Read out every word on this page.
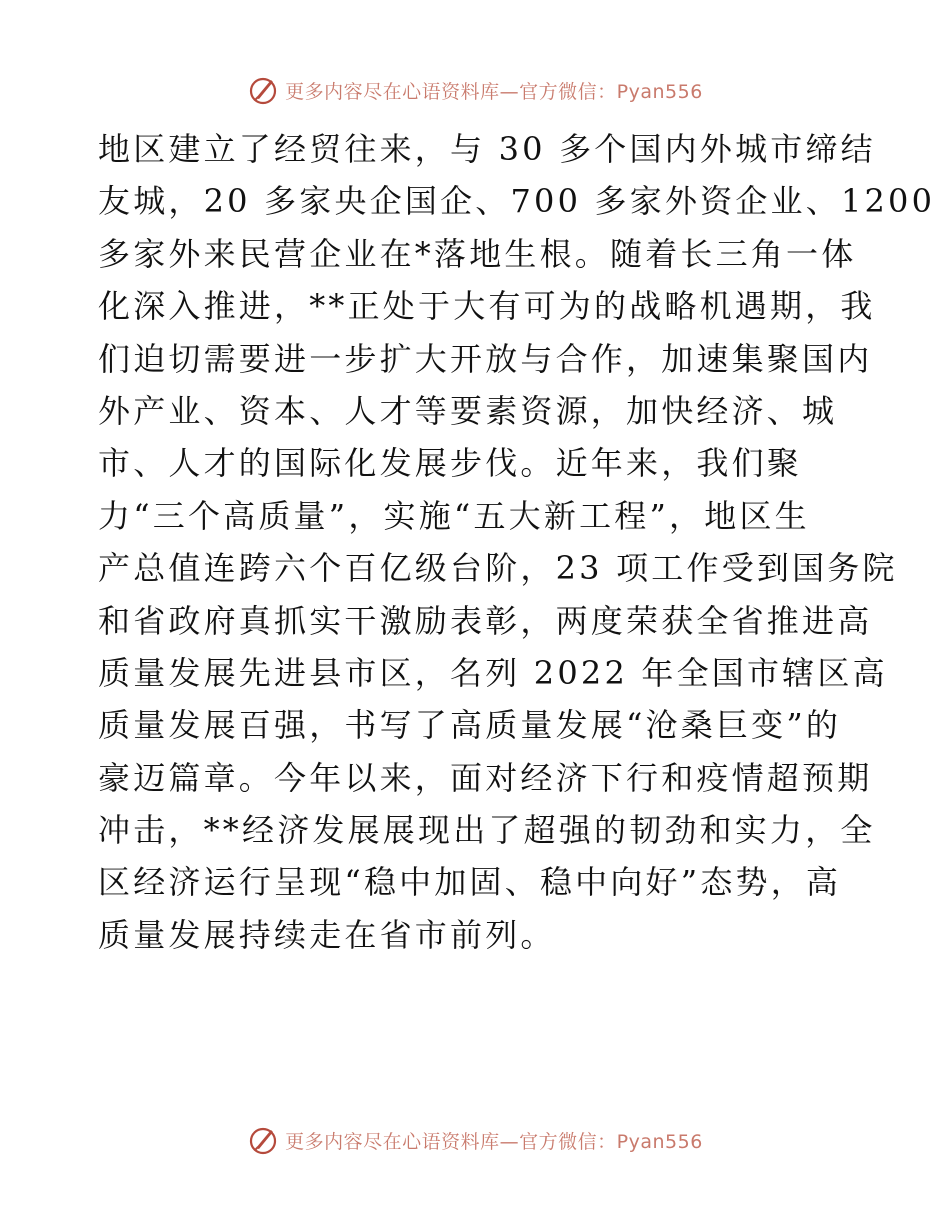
更多内容尽在心语资料库—官方微信：Pyan556
地区建立了经贸往来，与 30 多个国内外城市缔结
友城，20 多家央企国企、700 多家外资企业、1200
多家外来民营企业在*落地生根。随着长三角一体
化深入推进，**正处于大有可为的战略机遇期，我
们迫切需要进一步扩大开放与合作，加速集聚国内
外产业、资本、人才等要素资源，加快经济、城
市、人才的国际化发展步伐。近年来，我们聚
力“三个高质量”，实施“五大新工程”，地区生
产总值连跨六个百亿级台阶，23 项工作受到国务院
和省政府真抓实干激励表彰，两度荣获全省推进高
质量发展先进县市区，名列 2022 年全国市辖区高
质量发展百强，书写了高质量发展“沧桑巨变”的
豪迈篇章。今年以来，面对经济下行和疫情超预期
冲击，**经济发展展现出了超强的韧劲和实力，全
区经济运行呈现“稳中加固、稳中向好”态势，高
质量发展持续走在省市前列。
更多内容尽在心语资料库—官方微信：Pyan556
